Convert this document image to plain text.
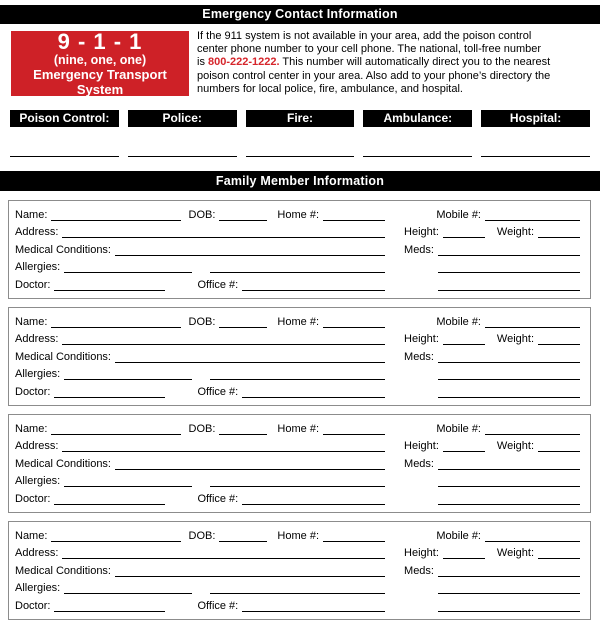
Emergency Contact Information
9 - 1 - 1
(nine, one, one)
Emergency Transport System
If the 911 system is not available in your area, add the poison control
center phone number to your cell phone. The national, toll-free number
is 800-222-1222. This number will automatically direct you to the nearest
poison control center in your area. Also add to your phone’s directory the
numbers for local police, fire, ambulance, and hospital.
Poison Control:	Police:	Fire:	Ambulance:	Hospital:
Family Member Information
Name:	DOB:	Home #:	Mobile #:
Address:	Height:	Weight:
Medical Conditions:	Meds:
Allergies:
Doctor:	Office #:
Name:	DOB:	Home #:	Mobile #:
Address:	Height:	Weight:
Medical Conditions:	Meds:
Allergies:
Doctor:	Office #:
Name:	DOB:	Home #:	Mobile #:
Address:	Height:	Weight:
Medical Conditions:	Meds:
Allergies:
Doctor:	Office #:
Name:	DOB:	Home #:	Mobile #:
Address:	Height:	Weight:
Medical Conditions:	Meds:
Allergies:
Doctor:	Office #:
